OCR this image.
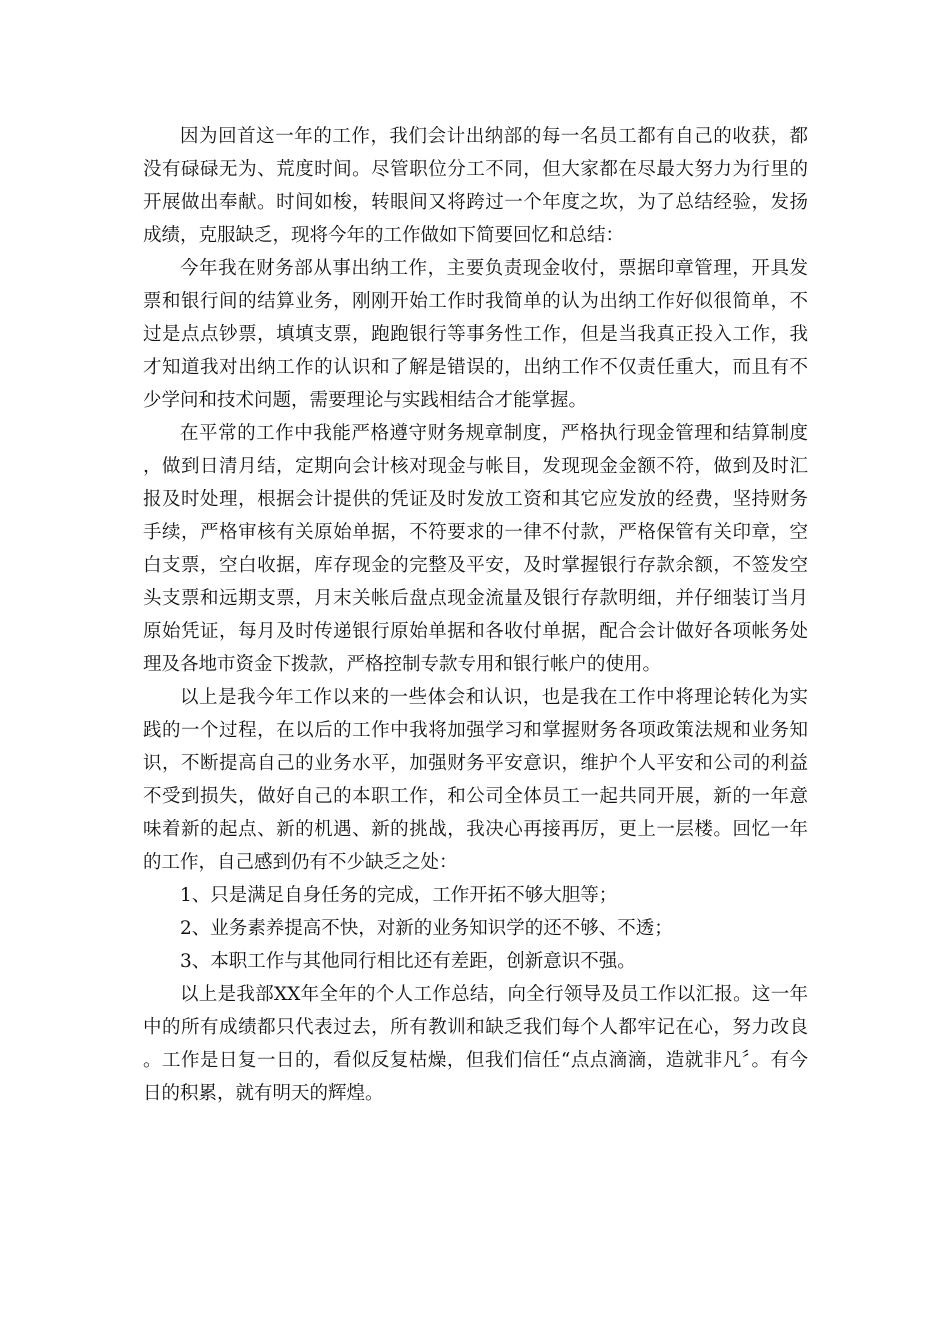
因为回首这一年的工作，我们会计出纳部的每一名员工都有自己的收获，都没有碌碌无为、荒度时间。尽管职位分工不同，但大家都在尽最大努力为行里的开展做出奉献。时间如梭，转眼间又将跨过一个年度之坎，为了总结经验，发扬成绩，克服缺乏，现将今年的工作做如下简要回忆和总结：

今年我在财务部从事出纳工作，主要负责现金收付，票据印章管理，开具发票和银行间的结算业务，刚刚开始工作时我简单的认为出纳工作好似很简单，不过是点点钞票，填填支票，跑跑银行等事务性工作，但是当我真正投入工作，我才知道我对出纳工作的认识和了解是错误的，出纳工作不仅责任重大，而且有不少学问和技术问题，需要理论与实践相结合才能掌握。

在平常的工作中我能严格遵守财务规章制度，严格执行现金管理和结算制度，做到日清月结，定期向会计核对现金与帐目，发现现金金额不符，做到及时汇报及时处理，根据会计提供的凭证及时发放工资和其它应发放的经费，坚持财务手续，严格审核有关原始单据，不符要求的一律不付款，严格保管有关印章，空白支票，空白收据，库存现金的完整及平安，及时掌握银行存款余额，不签发空头支票和远期支票，月末关帐后盘点现金流量及银行存款明细，并仔细装订当月原始凭证，每月及时传递银行原始单据和各收付单据，配合会计做好各项帐务处理及各地市资金下拨款，严格控制专款专用和银行帐户的使用。

以上是我今年工作以来的一些体会和认识，也是我在工作中将理论转化为实践的一个过程，在以后的工作中我将加强学习和掌握财务各项政策法规和业务知识，不断提高自己的业务水平，加强财务平安意识，维护个人平安和公司的利益不受到损失，做好自己的本职工作，和公司全体员工一起共同开展，新的一年意味着新的起点、新的机遇、新的挑战，我决心再接再厉，更上一层楼。回忆一年的工作，自己感到仍有不少缺乏之处：

1、只是满足自身任务的完成，工作开拓不够大胆等；

2、业务素养提高不快，对新的业务知识学的还不够、不透；

3、本职工作与其他同行相比还有差距，创新意识不强。

以上是我部XX年全年的个人工作总结，向全行领导及员工作以汇报。这一年中的所有成绩都只代表过去，所有教训和缺乏我们每个人都牢记在心，努力改良。工作是日复一日的，看似反复枯燥，但我们信任“点点滴滴，造就非凡〞。有今日的积累，就有明天的辉煌。
